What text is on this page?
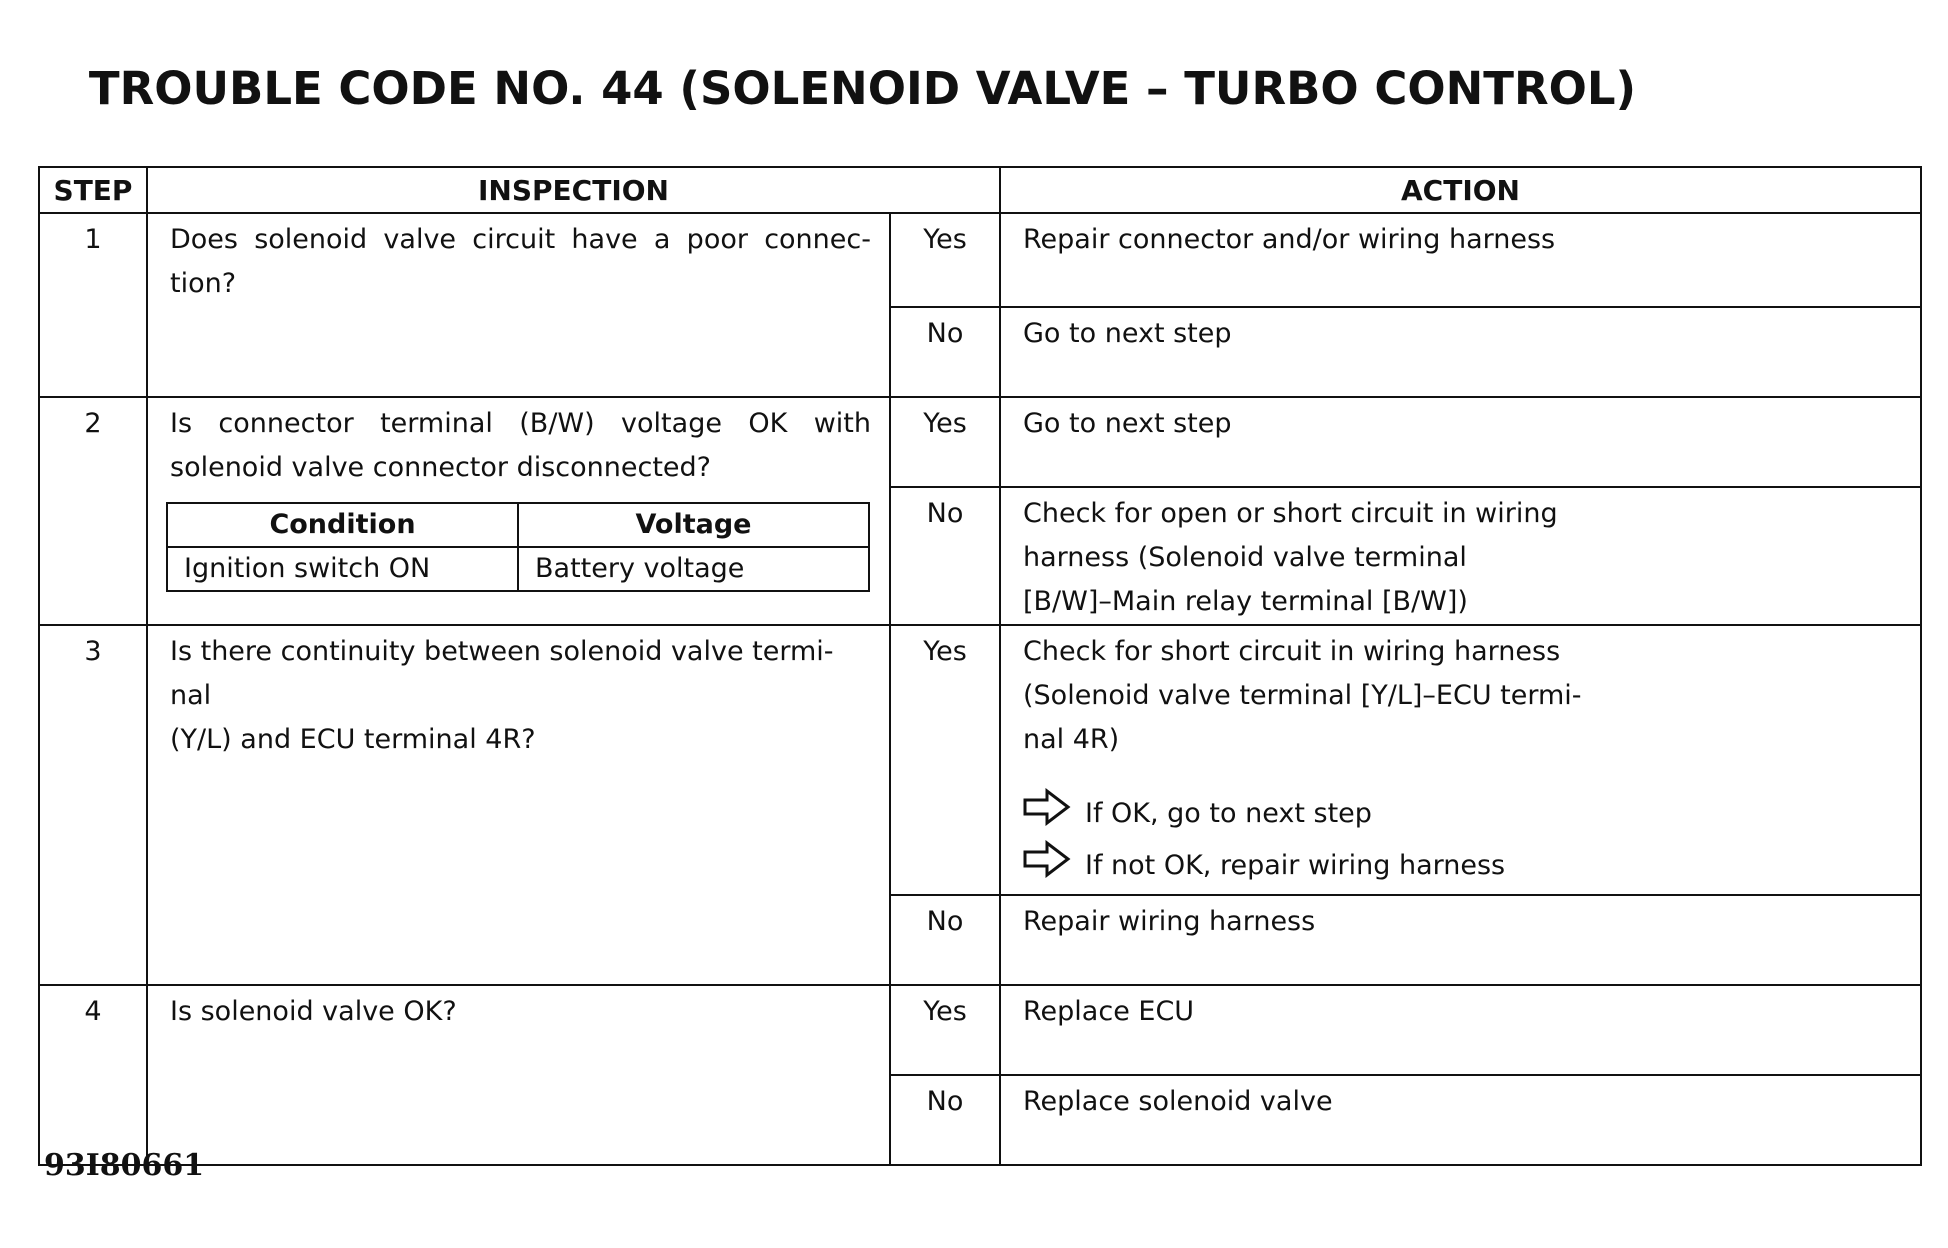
TROUBLE CODE NO. 44 (SOLENOID VALVE – TURBO CONTROL)
STEP	INSPECTION	ACTION
1	Does solenoid valve circuit have a poor connec-tion?	Yes	Repair connector and/or wiring harness
No	Go to next step
2	Is connector terminal (B/W) voltage OK with solenoid valve connector disconnected?
Condition	Voltage
Ignition switch ON	Battery voltage
	Yes	Go to next step
No	Check for open or short circuit in wiring
harness (Solenoid valve terminal
[B/W]–Main relay terminal [B/W])

3	Is there continuity between solenoid valve termi-
nal
(Y/L) and ECU terminal 4R?
	Yes	Check for short circuit in wiring harness
(Solenoid valve terminal [Y/L]–ECU termi-
nal 4R)
If OK, go to next step
If not OK, repair wiring harness

No	Repair wiring harness
4	Is solenoid valve OK?	Yes	Replace ECU
No	Replace solenoid valve
93I80661
